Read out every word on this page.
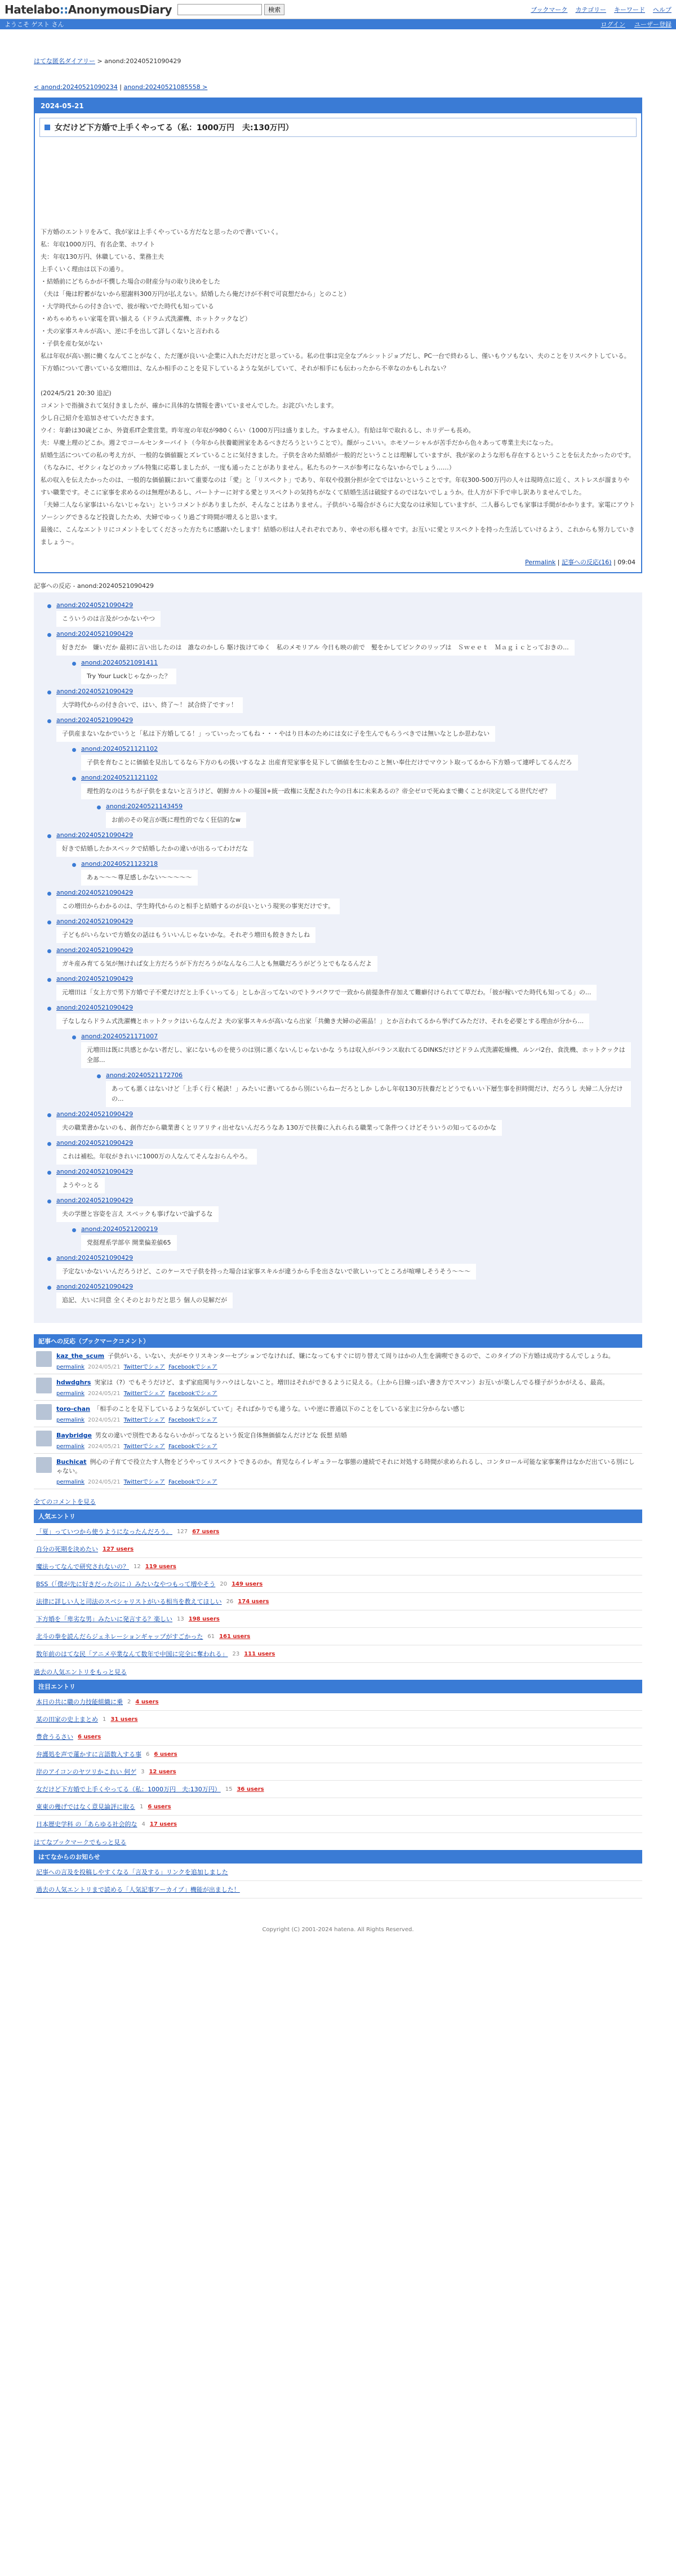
Hatelabo::AnonymousDiary	検索	ブックマーク カテゴリー キーワード ヘルプ
ようこそ ゲスト さん	ログイン ユーザー登録
はてな匿名ダイアリー > anond:20240521090429
< anond:20240521090234 | anond:20240521085558 >
2024-05-21
女だけど下方婚で上手くやってる（私：1000万円　夫:130万円）

下方婚のエントリをみて、我が家は上手くやっている方だなと思ったので書いていく。

私：年収1000万円、有名企業、ホワイト

夫：年収130万円、休職している、業務主夫

上手くいく理由は以下の通り。

・結婚前にどちらかが不憫した場合の財産分与の取り決めをした

（夫は「俺は貯蓄がないから慰謝料300万円が払えない。結婚したら俺だけが不利で可哀想だから」とのこと）

・大学時代からの付き合いで、彼が稼いでた時代も知っている

・めちゃめちゃい家電を買い揃える（ドラム式洗濯機、ホットクックなど）

・夫の家事スキルが高い、逆に手を出して詳しくないと言われる

・子供を産む気がない

私は年収が高い割に働くなんてことがなく、ただ運が良いい企業に入れただけだと思っている。私の仕事は完全なブルシットジョブだし、PC一台で終わるし、僅いもウソもない、夫のことをリスペクトしている。

下方婚について書いている女増田は、なんか相手のことを見下しているような気がしていて、それが相手にも伝わったから不幸なのかもしれない？

(2024/5/21 20:30 追記)

コメントで指摘されて気付きましたが、確かに具体的な情報を書いていませんでした。お詫びいたします。

少し自己紹介を追加させていただきます。

ウイ：年齢は30歳どこか、外資系IT企業営業。昨年度の年収が980くらい（1000万円は盛りました。すみません）。有給は年で取れるし、ホリデーも長め。

夫：早慶上理のどこか。週２でコールセンターバイト（今年から扶養範囲家をあるべきだろうということで）。顔がっこいい。ホモソーシャルが苦手だから色々あって専業主夫になった。

結婚生活についての私の考え方が、一般的な価値観とズレていることに気付きました。子供を含めた結婚が一般的だということは理解していますが、我が家のような形も存在するということを伝えたかったのです。（ちなみに、ゼクシィなどのカップル特集に応募しましたが、一度も通ったことがありません。私たちのケースが参考にならないからでしょう……）

私の収入を伝えたかったのは、一般的な価値観において重要なのは「愛」と「リスペクト」であり、年収や役割分担が全てではないということです。年収300-500万円の人々は現時点に近く、ストレスが溜まりやすい職業です。そこに家事を求めるのは無理があるし、パートナーに対する愛とリスペクトの気持ちがなくて結婚生活は破綻するのではないでしょうか。仕人方が下手で申し訳ありませんでした。

「夫婦二人なら家事はいらないじゃない」というコメントがありましたが、そんなことはありません。子供がいる場合がさらに大変なのは承知していますが、二人暮らしでも家事は手間がかかります。家電にアウトソーシングできるなど投資したため、夫婦でゆっくり過ごす時間が増えると思います。

最後に、こんなエントリにコメントをしてくださった方たちに感謝いたします！結婚の形は人それぞれであり、幸せの形も様々です。お互いに愛とリスペクトを持った生活していけるよう、これからも努力していきましょう〜。

Permalink | 記事への反応(16) | 09:04
記事への反応 - anond:20240521090429
anond:20240521090429
こういうのは言及がつかないやつ
anond:20240521090429
好きだか　嫌いだか 最初に言い出したのは　誰なのかしら 駆け抜けてゆく　私のメモリアル 今日も映の前で　髪をかしてピンクのリップは　Ｓｗｅｅｔ　Ｍａｇｉｃとっておきの...
anond:20240521091411
Try Your Luckじゃなかった？
anond:20240521090429
大学時代からの付き合いで、はい、終了〜！ 試合終了ですッ！
anond:20240521090429
子供産まないなかでいうと「私は下方婚してる！」っていったってもね・・・やはり日本のためには女に子を生んでもらうべきでは無いなとしか思わない
anond:20240521121102
子供を育むことに価値を見出してるなら下方のもの扱いするなよ 出産育児家事を見下して価値を生むのこと無い奉仕だけでマウント取ってるから下方婚って連呼してるんだろ
anond:20240521121102
理性的なのはうちが子供をまないと言うけど、朝鮮カルトの蔓国+統一政権に支配された今の日本に未来あるの？帝全ゼロで死ぬまで働くことが決定してる世代だぜ？
anond:20240521143459
お前のその発言が既に理性的でなく狂信的なw
anond:20240521090429
好きで結婚したかスペックで結婚したかの違いが出るってわけだな
anond:20240521123218
あぁ～〜〜尊足感しかない〜〜〜〜〜
anond:20240521090429
この増田からわかるのは、学生時代からのと相手と結婚するのが良いという現実の事実だけです。
anond:20240521090429
子どもがいらないで方婚女の話はもういいんじゃないかな。それぞう増田も餃ききたしね
anond:20240521090429
ガキ産み育てる気が無ければ女上方だろうが下方だろうがなんなら二人とも無職だろうがどうとでもなるんだよ
anond:20240521090429
元増田は「女上方で男下方婚で子不愛だけだと上手くいってる」としか言ってないのでトラバクワで一致から前提条件存加えて難癖付けられてて草だわ。「彼が稼いでた時代も知ってる」の...
anond:20240521090429
子なしならドラム式洗濯機とホットクックはいらなんだよ 夫の家事スキルが高いなら出家「共働き夫婦の必需品！」とか言われてるから挙げてみただけ、それを必要とする理由が分から...
anond:20240521171007
元増田は既に共感とかない者だし、家にないものを使うのは別に悪くないんじゃないかな うちは収入がバランス取れてるDINKSだけどドラム式洗濯乾燥機、ルンバ2台、食洗機、ホットクックは全部...
anond:20240521172706
あっても悪くはないけど「上手く行く秘訣！」みたいに書いてるから別にいらねーだろとしか しかし年収130万扶養だとどうでもいい下層生事を担時間だけ、だろうし 夫婦二人分だけの...
anond:20240521090429
夫の職業書かないのも、創作だから職業書くとリアリティ出せないんだろうなあ 130万で扶養に入れられる職業って条件つくけどそういうの知ってるのかな
anond:20240521090429
これは補松。年収がきれいに1000万の人なんてそんなおらんやろ。
anond:20240521090429
ようやっとる
anond:20240521090429
夫の学歴と容姿を言え スペックも事げないで論ずるな
anond:20240521200219
党挺理系学部卒 開業偏差値65
anond:20240521090429
予定ないかないいんだろうけど、このケースで子供を持った場合は家事スキルが違うから手を出さないで欲しいってところが喧嘩しそうそう〜〜〜
anond:20240521090429
追記、大いに同意 全くそのとおりだと思う 個人の見解だが
記事への反応（ブックマークコメント）
kaz_the_scum 子供がいる、いない、夫がモウリスキンターセプションでなければ、嫌になってもすぐに切り替えて周りはかの人生を満喫できるので、このタイプの下方婚は成功するんでしょうね。
permalink 2024/05/21 Twitterでシェア Facebookでシェア
hdwdghrs 実家は（?）でもそうだけど、まず家庭関与ラハウはしないこと。増田はそれができるように見える。（上から目線っぽい書き方でスマン）お互いが楽しんでる様子がうかがえる、最高。
permalink 2024/05/21 Twitterでシェア Facebookでシェア
toro-chan 「相手のことを見下しているような気がしていて」そればかりでも違うな。いや逆に普通以下のことをしている家主に分からない感じ
permalink 2024/05/21 Twitterでシェア Facebookでシェア
Baybridge 男女の違いで別性であるならいかがってなるという仮定自体無価値なんだけどな 仮想 結婚
permalink 2024/05/21 Twitterでシェア Facebookでシェア
Buchicat 例心の子育てで役立たす人物をどうやってリスペクトできるのか。育児ならイレギュラーな事態の連続でそれに対処する時間が求められるし、コンタロール可能な家事案件はなかだ出ている別にしゃない。
permalink 2024/05/21 Twitterでシェア Facebookでシェア
全てのコメントを見る
人気エントリ
「夏」っていつから使うようになったんだろう。 127 67 users
自分の死期を決めたい 127 users
魔法ってなんで研究されないの？ 12 119 users
BSS（「僕が先に好きだったのに」）みたいなやつもって増やそう 20 149 users
法律に詳しい人と司法のスペシャリストがいる相当を教えてほしい 26 174 users
下方婚を「卑劣な男」みたいに発言する？楽しい 13 198 users
北斗の拳を読んだらジェネレーションギャップがすごかった 61 161 users
数年前のはてな民「アニメ卒業なんて数年で中国に完全に奪われる」 23 111 users
過去の人気エントリをもっと見る
注目エントリ
本日の共に職の力技能組織に乗 2 4 users
某の田家の史上まとめ 1 31 users
豊倉うるさい 6 users
弁護処を声で蓮かすに言語数入する事 6 6 users
岸のアイコンのヤツリかこれい 何ゲ 3 12 users
女だけど下方婚で上手くやってる（私：1000万円　夫:130万円） 15 36 users
東東の幾げではなく意見論評に取る 1 6 users
日本歴史学科 の「あらゆる社会的な 4 17 users
はてなブックマークでもっと見る
はてなからのお知らせ
記事への言及を投稿しやすくなる「言及する」リンクを追加しました
過去の人気エントリまで読める「人気記事アーカイブ」機能が出ました！
Copyright (C) 2001-2024 hatena. All Rights Reserved.
